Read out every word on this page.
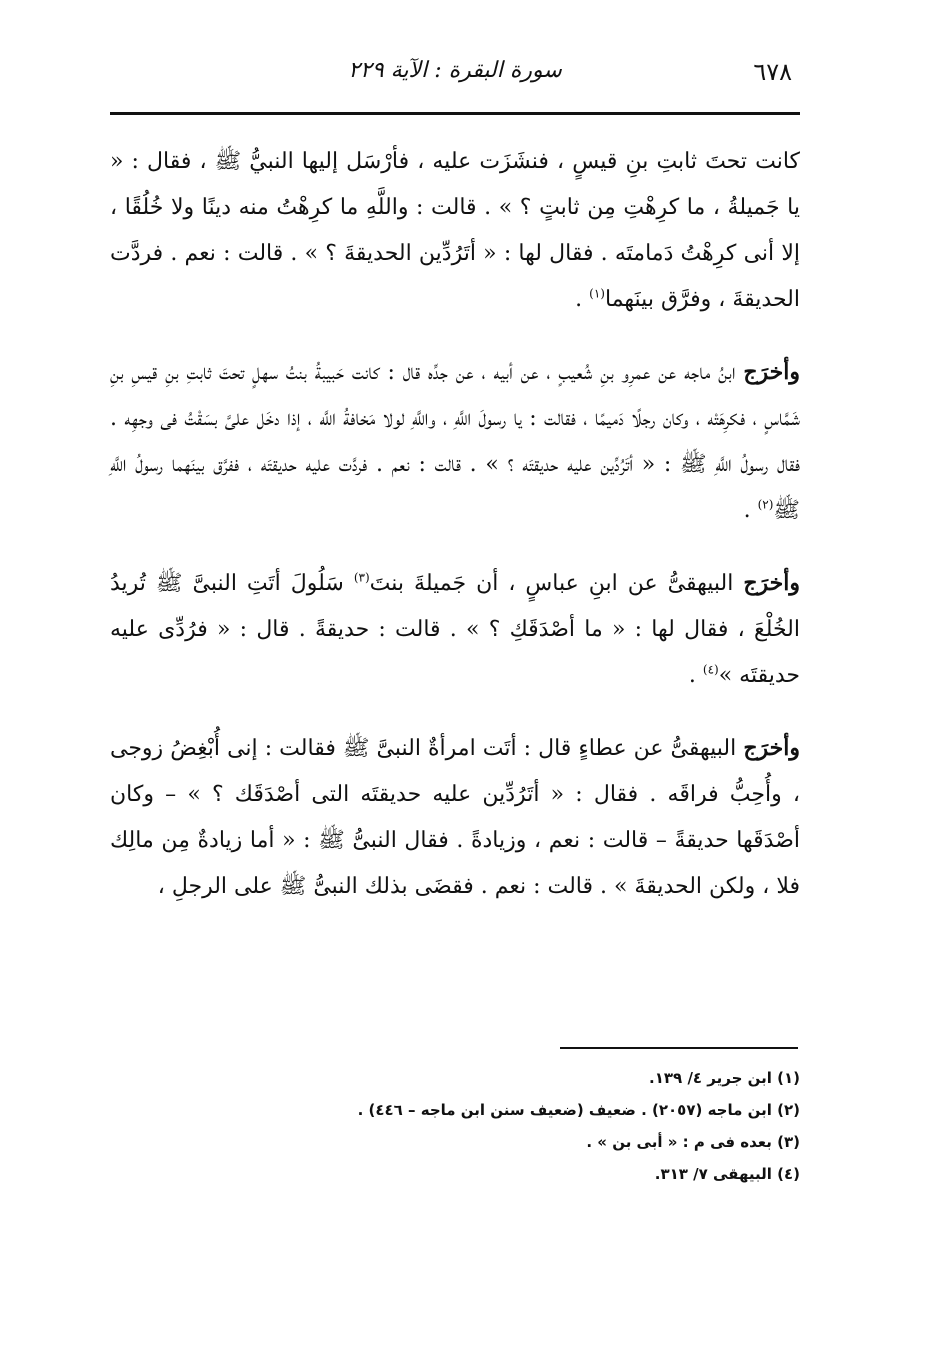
٦٧٨
سورة البقرة : الآية ٢٢٩

كانت تحتَ ثابتِ بنِ قيسٍ ، فنشَزَت عليه ، فأرْسَل إليها النبيُّ ﷺ ، فقال : « يا جَميلةُ ، ما كرِهْتِ مِن ثابتٍ ؟ » . قالت : واللَّهِ ما كرِهْتُ منه دينًا ولا خُلُقًا ، إلا أنى كرِهْتُ دَمامتَه . فقال لها : « أتَرُدِّين الحديقةَ ؟ » . قالت : نعم . فردَّت الحديقةَ ، وفرَّق بينَهما$^{(١)}$ .

وأخرَج ابنُ ماجه عن عمرِو بنِ شُعيبٍ ، عن أبيه ، عن جدِّه قال : كانت حَبيبةُ بنتُ سهلٍ تحتَ ثابتِ بنِ قيسِ بنِ شَمَّاسٍ ، فكرِهَتْه ، وكان رجلًا دَميمًا ، فقالت : يا رسولَ اللَّهِ ، واللَّهِ لولا مَخافةُ اللَّه ، إذا دخَل علىَّ بسَقْتُ فى وجهِه . فقال رسولُ اللَّهِ ﷺ : « أتَرُدِّين عليه حديقتَه ؟ » . قالت : نعم . فردَّت عليه حديقتَه ، ففرَّق بينَهما رسولُ اللَّهِ ﷺ$^{(٢)}$ .

وأخرَج البيهقىُّ عن ابنِ عباسٍ ، أن جَميلةَ بنتَ$^{(٣)}$ سَلُولَ أتَتِ النبىَّ ﷺ تُريدُ الخُلْعَ ، فقال لها : « ما أصْدَقَكِ ؟ » . قالت : حديقةً . قال : « فرُدِّى عليه حديقتَه »$^{(٤)}$ .

وأخرَج البيهقىُّ عن عطاءٍ قال : أتَت امرأةٌ النبىَّ ﷺ فقالت : إنى أُبْغِضُ زوجى ، وأُحِبُّ فراقَه . فقال : « أتَرُدِّين عليه حديقتَه التى أصْدَقَك ؟ » – وكان أصْدَقَها حديقةً – قالت : نعم ، وزيادةً . فقال النبىُّ ﷺ : « أما زيادةٌ مِن مالِك فلا ، ولكن الحديقةَ » . قالت : نعم . فقضَى بذلك النبىُّ ﷺ على الرجلِ ،

(١) ابن جرير ٤/ ١٣٩.

(٢) ابن ماجه (٢٠٥٧) . ضعيف (ضعيف سنن ابن ماجه – ٤٤٦) .

(٣) بعده فى م : « أبى بن » .

(٤) البيهقى ٧/ ٣١٣.
